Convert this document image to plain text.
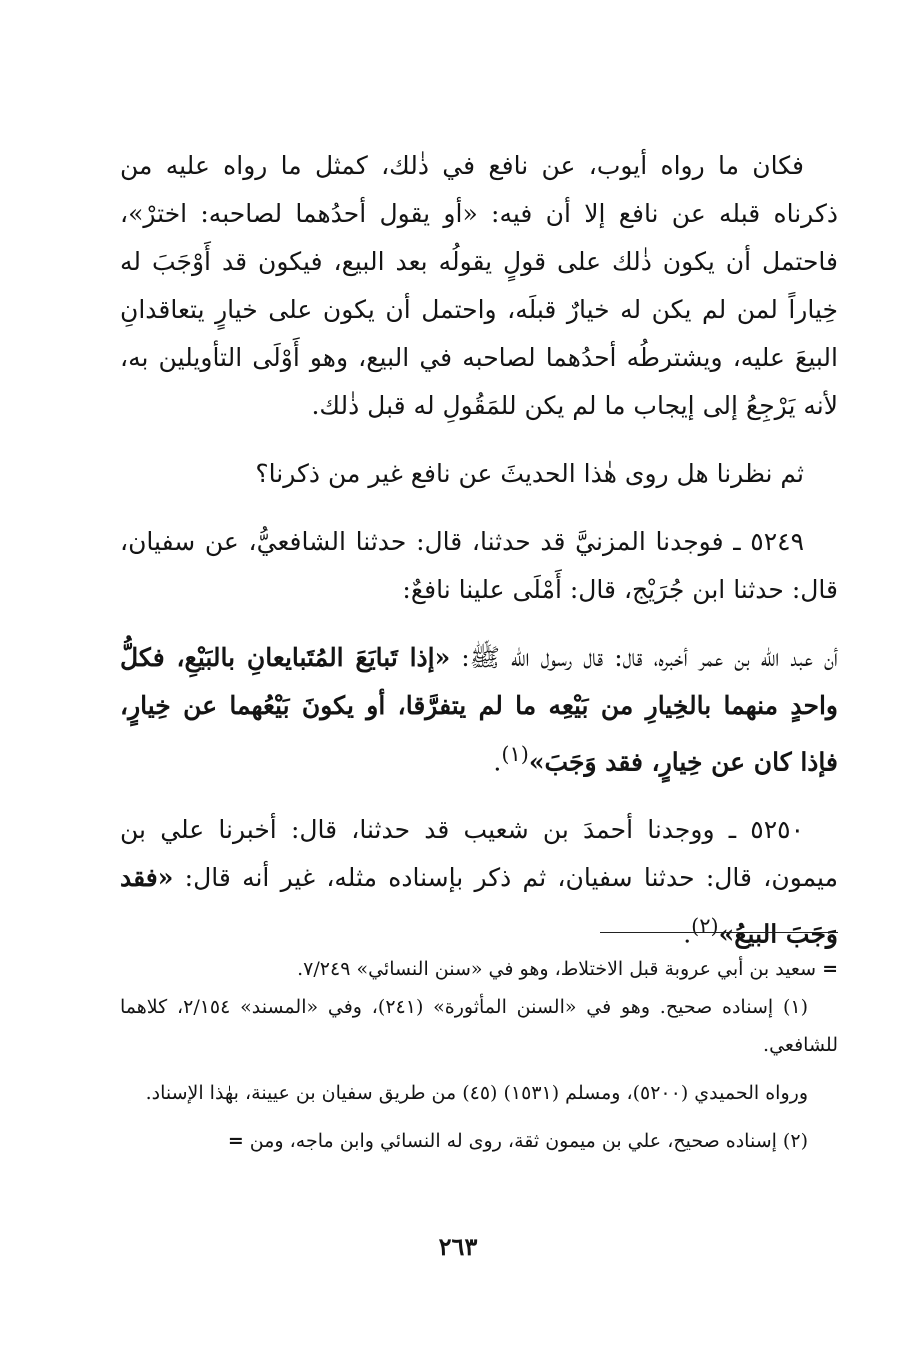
فكان ما رواه أيوب، عن نافع في ذٰلك، كمثل ما رواه عليه من ذكرناه قبله عن نافع إلا أن فيه: «أو يقول أحدُهما لصاحبه: اخترْ»، فاحتمل أن يكون ذٰلك على قولٍ يقولُه بعد البيع، فيكون قد أَوْجَبَ له خِياراً لمن لم يكن له خيارٌ قبلَه، واحتمل أن يكون على خيارٍ يتعاقدانِ البيعَ عليه، ويشترطُه أحدُهما لصاحبه في البيع، وهو أَوْلَى التأويلين به، لأنه يَرْجِعُ إلى إيجاب ما لم يكن للمَقُولِ له قبل ذٰلك.

ثم نظرنا هل روى هٰذا الحديثَ عن نافع غير من ذكرنا؟

٥٢٤٩ ـ فوجدنا المزنيَّ قد حدثنا، قال: حدثنا الشافعيُّ، عن سفيان، قال: حدثنا ابن جُرَيْج، قال: أَمْلَى علينا نافعٌ:

أن عبد الله بن عمر أخبره، قال: قال رسول الله ﷺ: «إذا تَبايَعَ المُتَبايعانِ بالبَيْعِ، فكلُّ واحدٍ منهما بالخِيارِ من بَيْعِه ما لم يتفرَّقا، أو يكونَ بَيْعُهما عن خِيارٍ، فإذا كان عن خِيارٍ، فقد وَجَبَ»$^{(١)}$.

٥٢٥٠ ـ ووجدنا أحمدَ بن شعيب قد حدثنا، قال: أخبرنا علي بن ميمون، قال: حدثنا سفيان، ثم ذكر بإسناده مثله، غير أنه قال: «فقد وَجَبَ البيعُ»$^{(٢)}$.

= سعيد بن أبي عروبة قبل الاختلاط، وهو في «سنن النسائي» ٧/٢٤٩.

(١) إسناده صحيح. وهو في «السنن المأثورة» (٢٤١)، وفي «المسند» ٢/١٥٤، كلاهما للشافعي.

ورواه الحميدي (٥٢٠٠)، ومسلم (١٥٣١) (٤٥) من طريق سفيان بن عيينة، بهٰذا الإسناد.

(٢) إسناده صحيح، علي بن ميمون ثقة، روى له النسائي وابن ماجه، ومن =

٢٦٣
